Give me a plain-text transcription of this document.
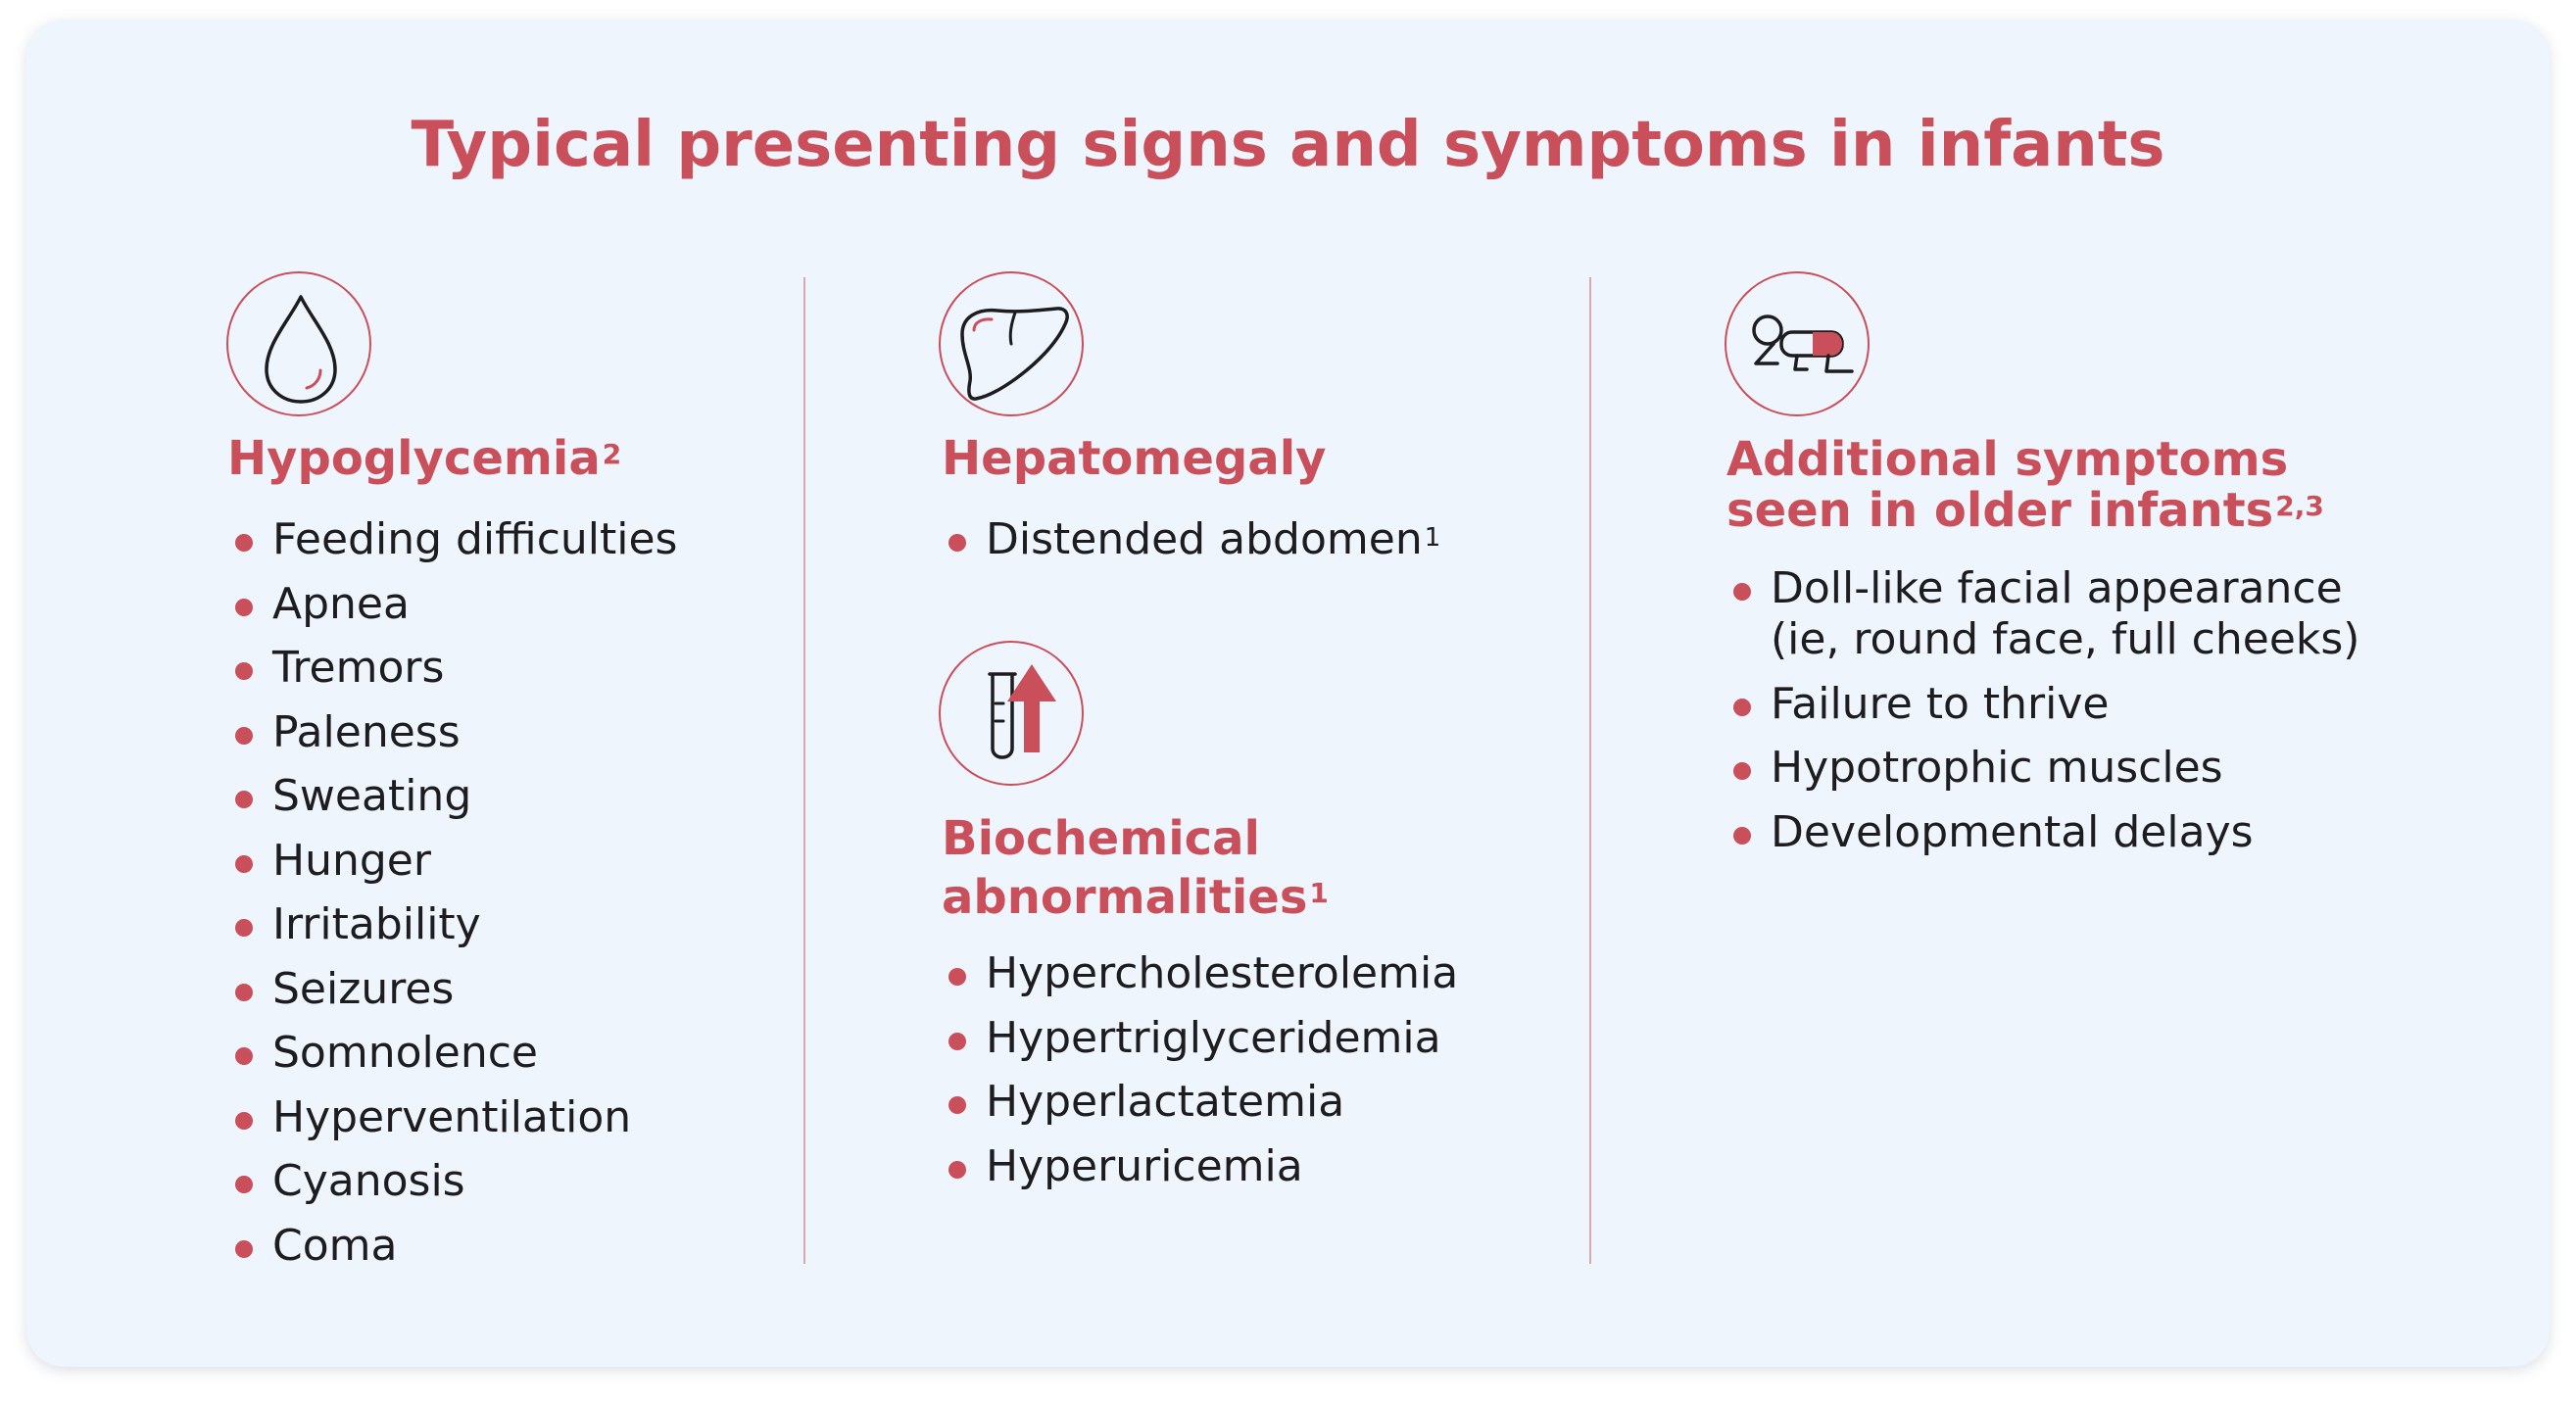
Typical presenting signs and symptoms in infants
Hypoglycemia$^2$
Feeding difficulties
Apnea
Tremors
Paleness
Sweating
Hunger
Irritability
Seizures
Somnolence
Hyperventilation
Cyanosis
Coma
Hepatomegaly
Distended abdomen$^1$
Biochemical
abnormalities$^1$
Hypercholesterolemia
Hypertriglyceridemia
Hyperlactatemia
Hyperuricemia
Additional symptoms
seen in older infants$^{2,3}$
Doll-like facial appearance
(ie, round face, full cheeks)
Failure to thrive
Hypotrophic muscles
Developmental delays
